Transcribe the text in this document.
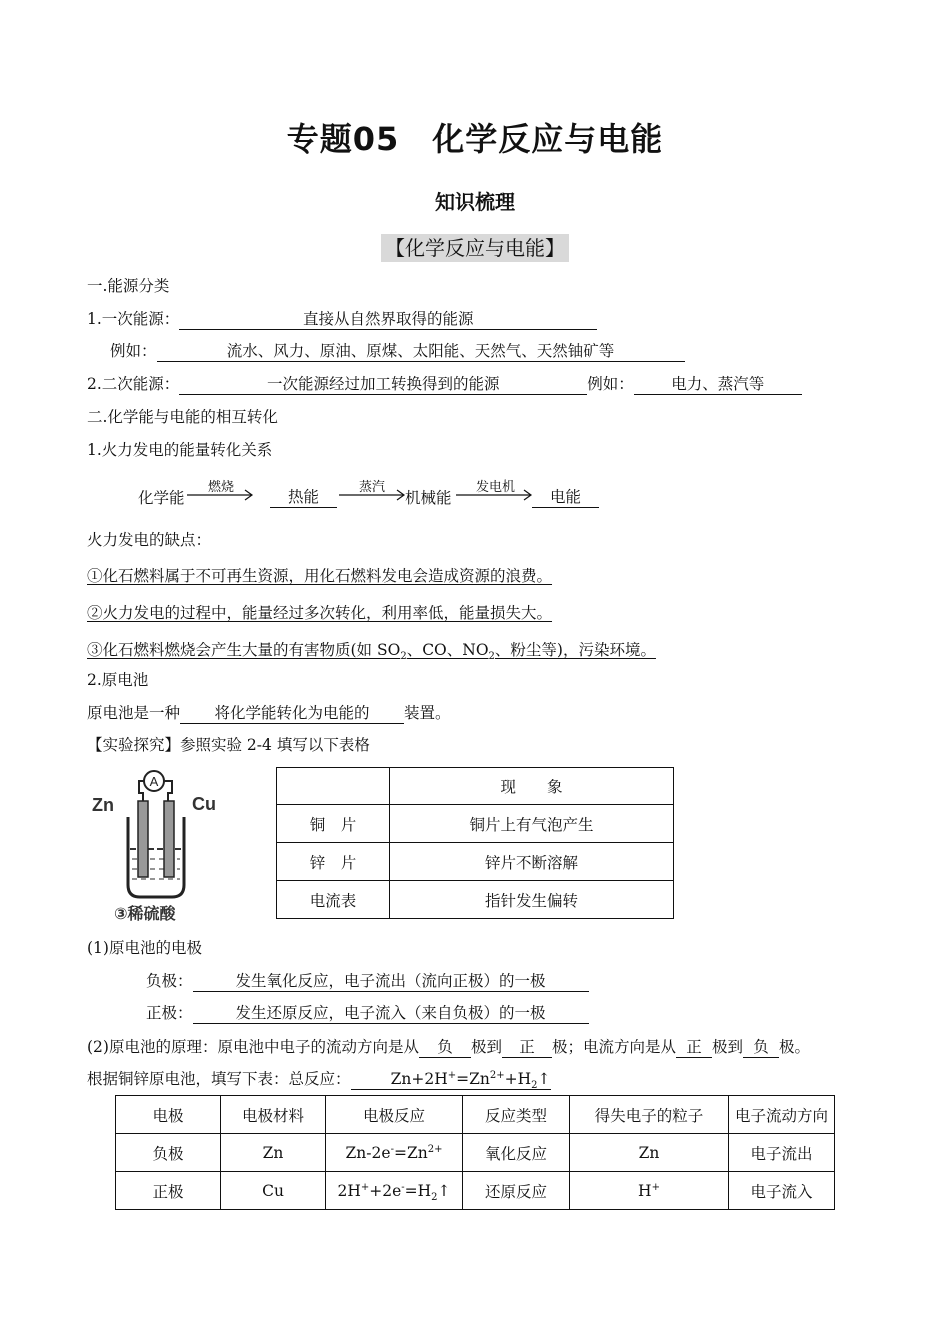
专题05　化学反应与电能
知识梳理
【化学反应与电能】
一.能源分类
1.一次能源：	直接从自然界取得的能源
例如：	流水、风力、原油、原煤、太阳能、天然气、天然铀矿等
2.二次能源：	一次能源经过加工转换得到的能源	例如： 电力、蒸汽等
二.化学能与电能的相互转化
1.火力发电的能量转化关系
化学能
燃烧
热能
蒸汽
机械能
发电机
电能
火力发电的缺点：
①化石燃料属于不可再生资源，用化石燃料发电会造成资源的浪费。
②火力发电的过程中，能量经过多次转化，利用率低，能量损失大。
③化石燃料燃烧会产生大量的有害物质(如 $SO_2$、CO、$NO_2$、粉尘等)，污染环境。
2.原电池
原电池是一种 将化学能转化为电能的 装置。
【实验探究】参照实验 2-4 填写以下表格
A
Zn	Cu
③稀硫酸
	现　　象
铜　片	铜片上有气泡产生
锌　片	锌片不断溶解
电流表	指针发生偏转
(1)原电池的电极
负极：	发生氧化反应，电子流出（流向正极）的一极
正极：	发生还原反应，电子流入（来自负极）的一极
(2)原电池的原理：原电池中电子的流动方向是从 负 极到 正 极；电流方向是从 正 极到 负 极。
根据铜锌原电池，填写下表：总反应：	$Zn+2H^+=Zn^{2+}+H_2↑$
电极	电极材料	电极反应	反应类型	得失电子的粒子	电子流动方向
负极	Zn	$Zn-2e^-=Zn^{2+}$	氧化反应	Zn	电子流出
正极	Cu	$2H^++2e^-=H_2↑$	还原反应	H+	电子流入
